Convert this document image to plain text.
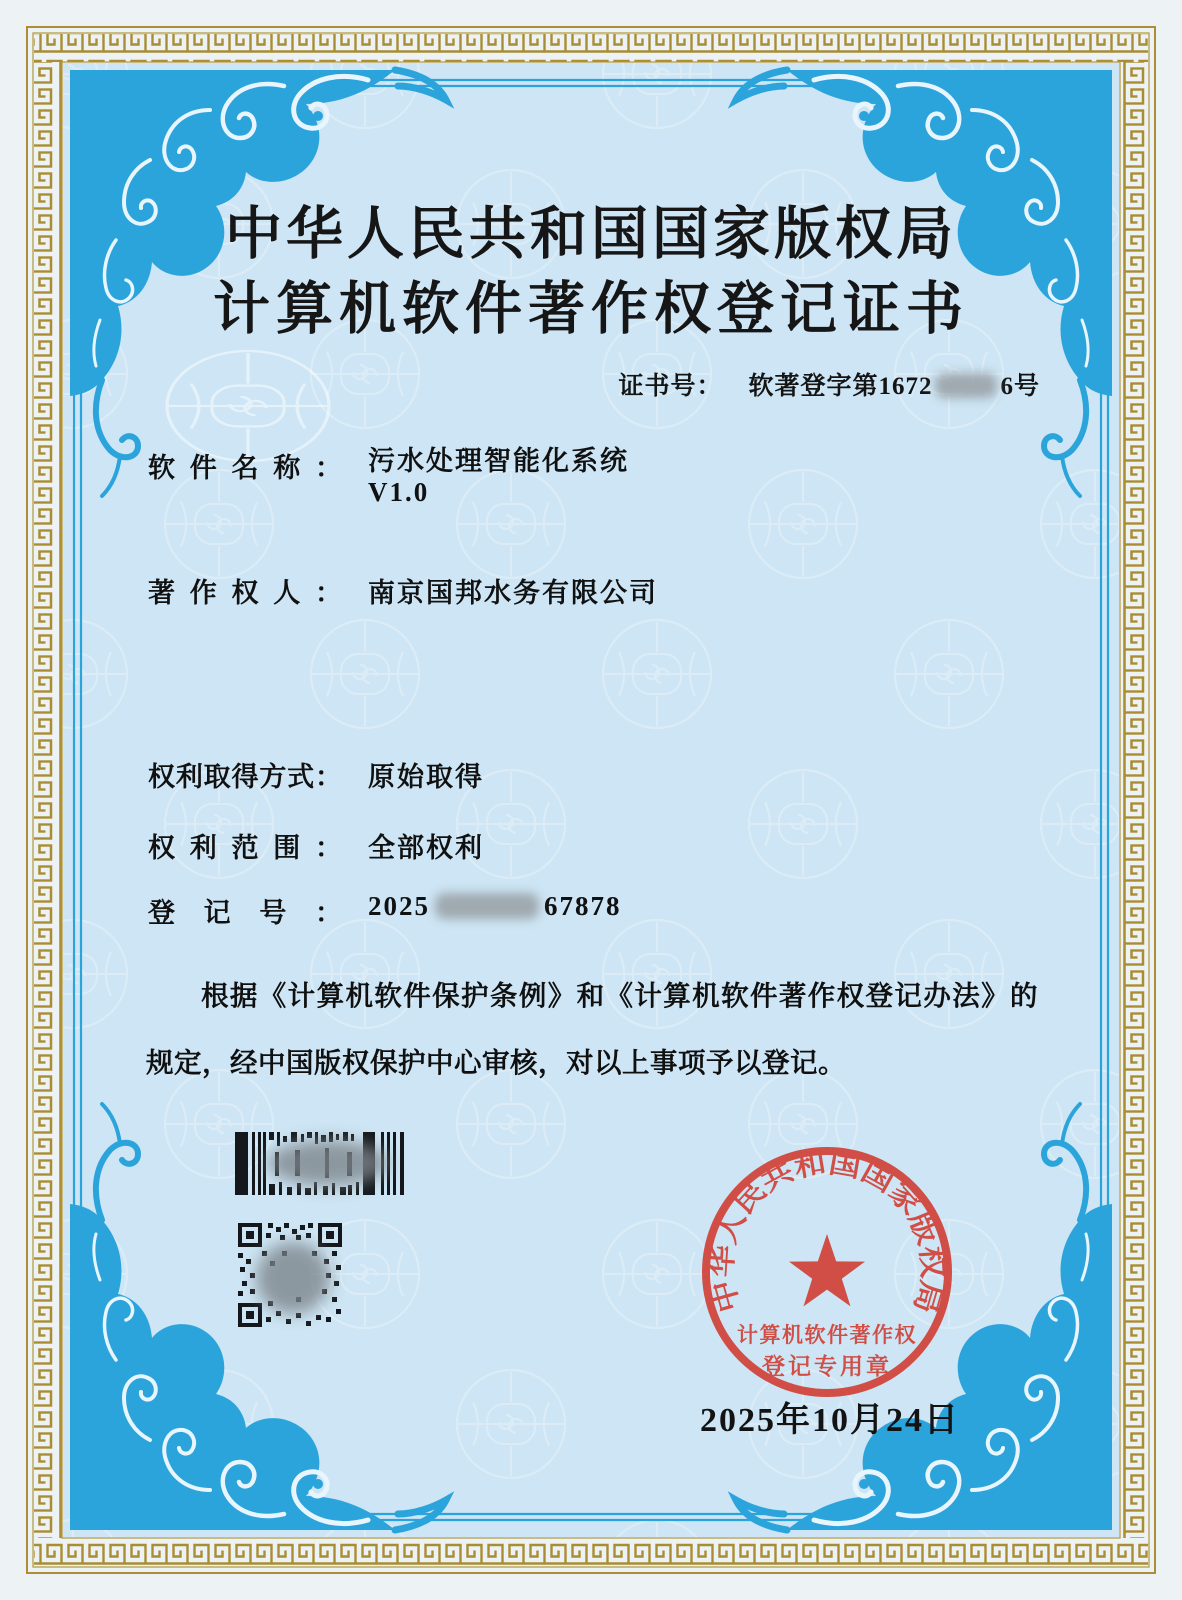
中华人民共和国国家版权局
计算机软件著作权登记证书
证书号： 软著登字第1672	6号
软件名称： 污水处理智能化系统
V1.0
著作权人： 南京国邦水务有限公司
权利取得方式： 原始取得
权利范围： 全部权利
登记号： 2025	67878
根据《计算机软件保护条例》和《计算机软件著作权登记办法》的规定，经中国版权保护中心审核，对以上事项予以登记。
中华人民共和国国家版权局
计算机软件著作权
登记专用章
2025年10月24日
